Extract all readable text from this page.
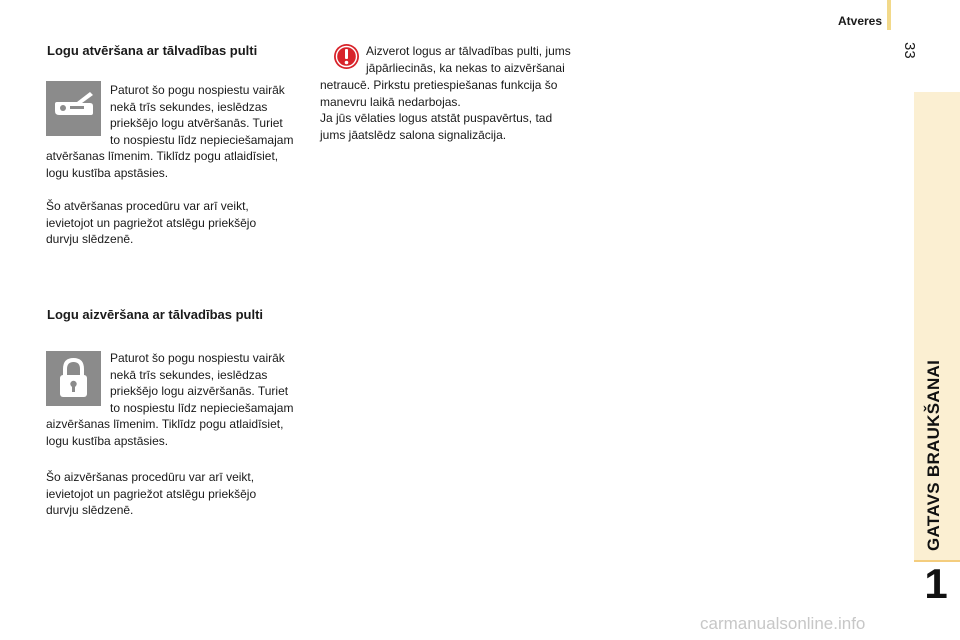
Atveres
33
GATAVS BRAUKŠANAI
1
Logu atvēršana ar tālvadības pulti

Paturot šo pogu nospiestu vairāk
nekā trīs sekundes, ieslēdzas
priekšējo logu atvēršanās. Turiet
to nospiestu līdz nepieciešamajam

atvēršanas līmenim. Tiklīdz pogu atlaidīsiet,
logu kustība apstāsies.

Šo atvēršanas procedūru var arī veikt,
ievietojot un pagriežot atslēgu priekšējo
durvju slēdzenē.

Logu aizvēršana ar tālvadības pulti

Paturot šo pogu nospiestu vairāk
nekā trīs sekundes, ieslēdzas
priekšējo logu aizvēršanās. Turiet
to nospiestu līdz nepieciešamajam

aizvēršanas līmenim. Tiklīdz pogu atlaidīsiet,
logu kustība apstāsies.

Šo aizvēršanas procedūru var arī veikt,
ievietojot un pagriežot atslēgu priekšējo
durvju slēdzenē.

Aizverot logus ar tālvadības pulti, jums
jāpārliecinās, ka nekas to aizvēršanai

netraucē. Pirkstu pretiespiešanas funkcija šo
manevru laikā nedarbojas.
Ja jūs vēlaties logus atstāt puspavērtus, tad
jums jāatslēdz salona signalizācija.

carmanualsonline.info
